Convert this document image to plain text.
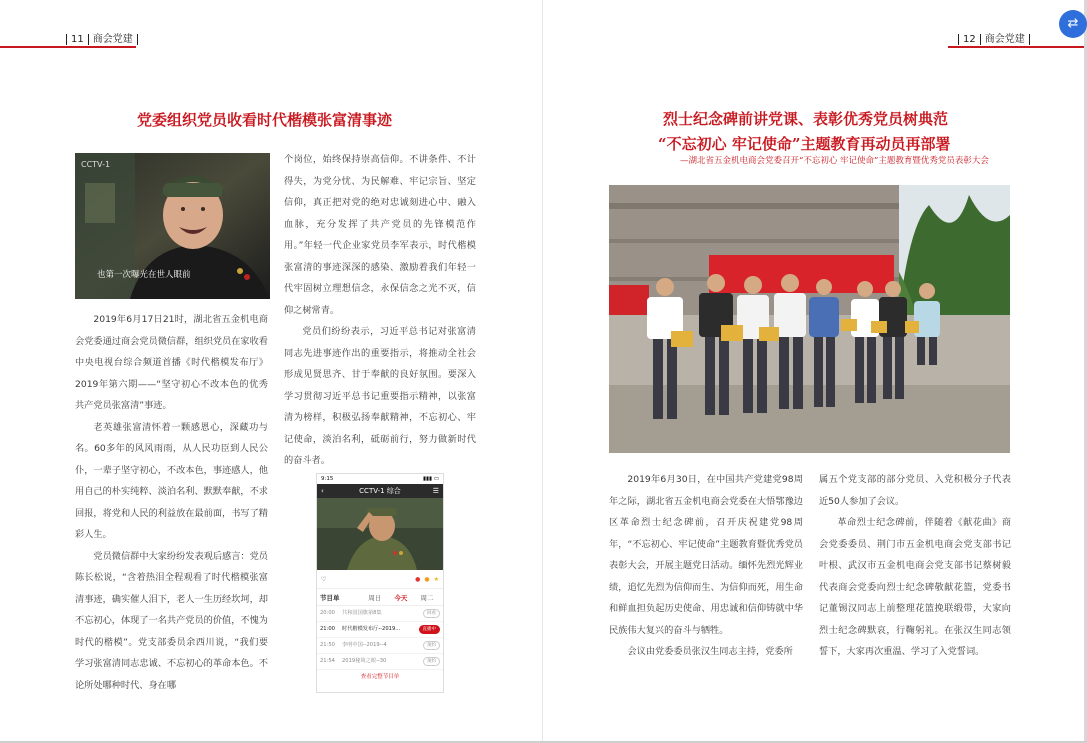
11 商会党建
党委组织党员收看时代楷模张富清事迹
CCTV-1
也第一次曝光在世人眼前

2019年6月17日21时，湖北省五金机电商会党委通过商会党员微信群，组织党员在家收看中央电视台综合频道首播《时代楷模发布厅》2019年第六期——“坚守初心不改本色的优秀共产党员张富清”事迹。

老英雄张富清怀着一颗感恩心，深藏功与名。60多年的风风雨雨，从人民功臣到人民公仆，一辈子坚守初心，不改本色，事迹感人，他用自己的朴实纯粹、淡泊名利、默默奉献，不求回报，将党和人民的利益放在最前面，书写了精彩人生。

党员微信群中大家纷纷发表观后感言：党员陈长松说，“含着热泪全程观看了时代楷模张富清事迹，确实催人泪下，老人一生历经坎坷，却不忘初心，体现了一名共产党员的价值，不愧为时代的楷模”。党支部委员余西川说，“我们要学习张富清同志忠诚、不忘初心的革命本色。不论所处哪种时代、身在哪

个岗位，始终保持崇高信仰。不讲条件、不计得失，为党分忧、为民解难、牢记宗旨、坚定信仰，真正把对党的绝对忠诚刻进心中、融入血脉，充分发挥了共产党员的先锋模范作用。”年轻一代企业家党员李军表示，时代楷模张富清的事迹深深的感染、激励着我们年轻一代牢固树立理想信念，永保信念之光不灭，信仰之树常青。

党员们纷纷表示，习近平总书记对张富清同志先进事迹作出的重要指示，将推动全社会形成见贤思齐、甘于奉献的良好氛围。要深入学习贯彻习近平总书记重要指示精神，以张富清为榜样，积极弘扬奉献精神，不忘初心、牢记使命，淡泊名利，砥砺前行，努力做新时代的奋斗者。

9:15	▮▮▮ ▭
‹	CCTV-1 综合	☰
♡	● ● ★
节目单	周日	今天	周二
20:00	共和国国旗第8集	回看
21:00	时代楷模发布厅--2019...	直播中
21:50	李明中国--2019--4	预约
21:54	2019秘境之眼--30	预约
查看完整节目单
12 商会党建
烈士纪念碑前讲党课、表彰优秀党员树典范
“不忘初心 牢记使命”主题教育再动员再部署
—湖北省五金机电商会党委召开“不忘初心 牢记使命”主题教育暨优秀党员表彰大会

2019年6月30日，在中国共产党建党98周年之际，湖北省五金机电商会党委在大悟鄂豫边区革命烈士纪念碑前，召开庆祝建党98周年，“不忘初心、牢记使命”主题教育暨优秀党员表彰大会，开展主题党日活动。缅怀先烈光辉业绩，追忆先烈为信仰而生、为信仰而死，用生命和鲜血担负起历史使命、用忠诚和信仰铸就中华民族伟大复兴的奋斗与牺牲。

会议由党委委员张汉生同志主持，党委所

属五个党支部的部分党员、入党积极分子代表近50人参加了会议。

革命烈士纪念碑前，伴随着《献花曲》商会党委委员、荆门市五金机电商会党支部书记叶根、武汉市五金机电商会党支部书记蔡树毅代表商会党委向烈士纪念碑敬献花篮，党委书记董锡汉同志上前整理花篮挽联缎带，大家向烈士纪念碑默哀，行鞠躬礼。在张汉生同志领誓下，大家再次重温、学习了入党誓词。

⇄
